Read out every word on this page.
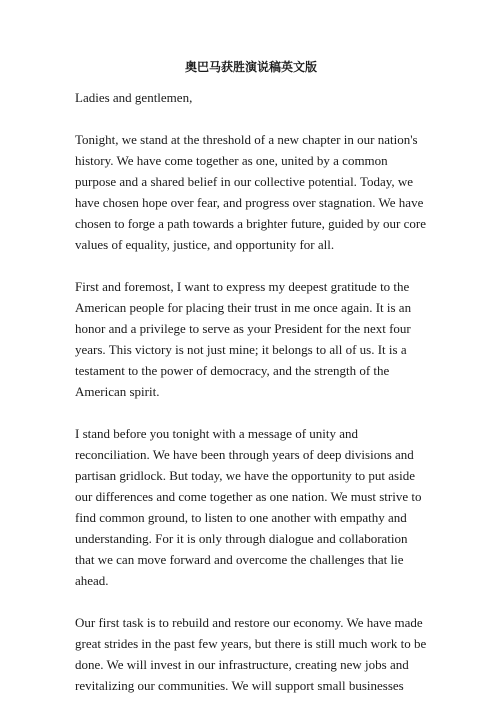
奥巴马获胜演说稿英文版

Ladies and gentlemen,

Tonight, we stand at the threshold of a new chapter in our nation's history. We have come together as one, united by a common purpose and a shared belief in our collective potential. Today, we have chosen hope over fear, and progress over stagnation. We have chosen to forge a path towards a brighter future, guided by our core values of equality, justice, and opportunity for all.

First and foremost, I want to express my deepest gratitude to the American people for placing their trust in me once again. It is an honor and a privilege to serve as your President for the next four years. This victory is not just mine; it belongs to all of us. It is a testament to the power of democracy, and the strength of the American spirit.

I stand before you tonight with a message of unity and reconciliation. We have been through years of deep divisions and partisan gridlock. But today, we have the opportunity to put aside our differences and come together as one nation. We must strive to find common ground, to listen to one another with empathy and understanding. For it is only through dialogue and collaboration that we can move forward and overcome the challenges that lie ahead.

Our first task is to rebuild and restore our economy. We have made great strides in the past few years, but there is still much work to be done. We will invest in our infrastructure, creating new jobs and revitalizing our communities. We will support small businesses
